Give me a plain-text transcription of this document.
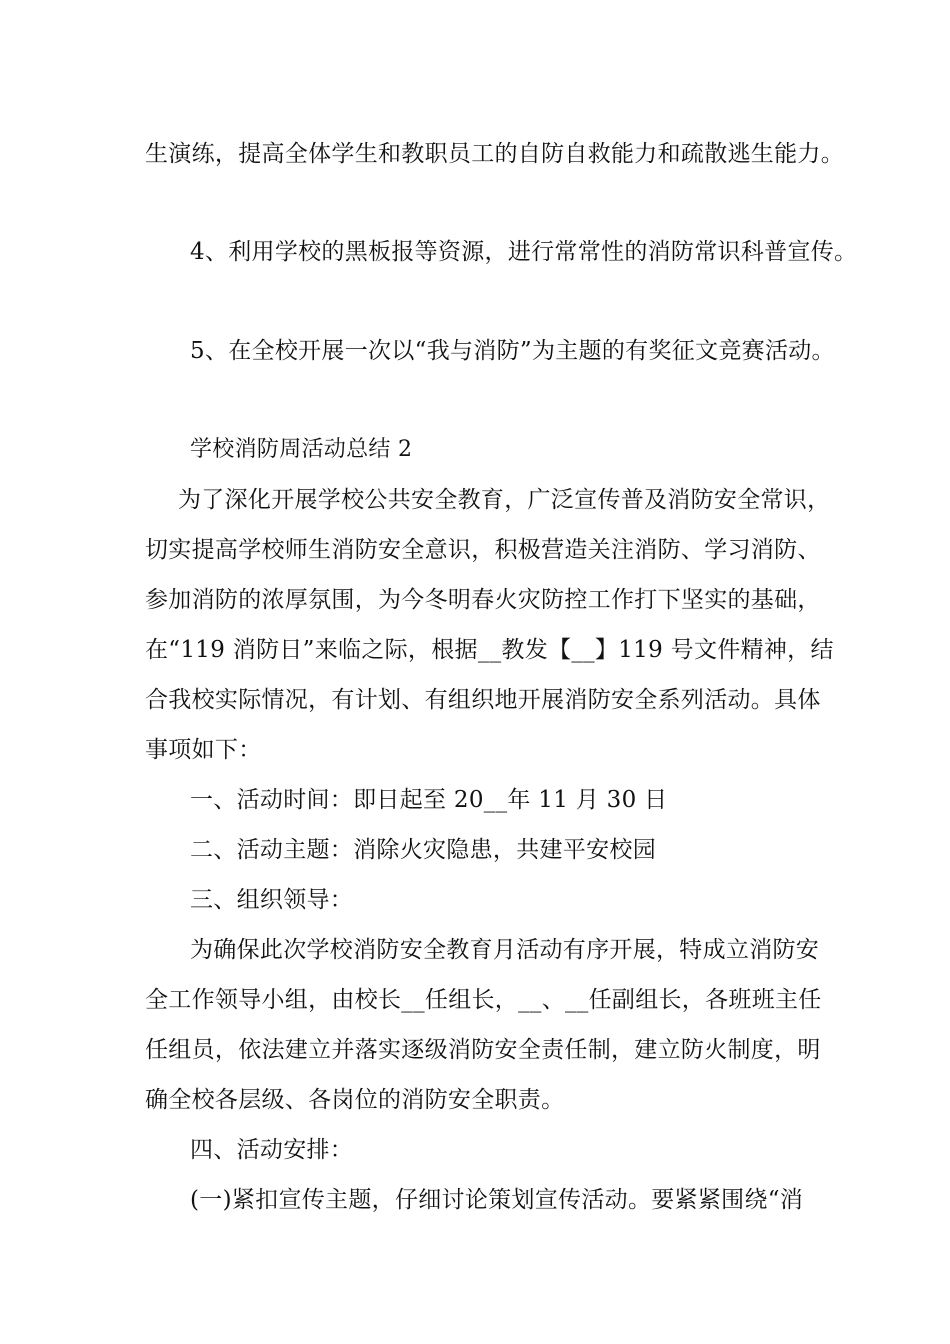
生演练，提高全体学生和教职员工的自防自救能力和疏散逃生能力。
4、利用学校的黑板报等资源，进行常常性的消防常识科普宣传。
5、在全校开展一次以“我与消防”为主题的有奖征文竞赛活动。
学校消防周活动总结 2
为了深化开展学校公共安全教育，广泛宣传普及消防安全常识，
切实提高学校师生消防安全意识，积极营造关注消防、学习消防、
参加消防的浓厚氛围，为今冬明春火灾防控工作打下坚实的基础，
在“119 消防日”来临之际，根据__教发【__】119 号文件精神，结
合我校实际情况，有计划、有组织地开展消防安全系列活动。具体
事项如下：
一、活动时间：即日起至 20__年 11 月 30 日
二、活动主题：消除火灾隐患，共建平安校园
三、组织领导：
为确保此次学校消防安全教育月活动有序开展，特成立消防安
全工作领导小组，由校长__任组长，__、__任副组长，各班班主任
任组员，依法建立并落实逐级消防安全责任制，建立防火制度，明
确全校各层级、各岗位的消防安全职责。
四、活动安排：
(一)紧扣宣传主题，仔细讨论策划宣传活动。要紧紧围绕“消
